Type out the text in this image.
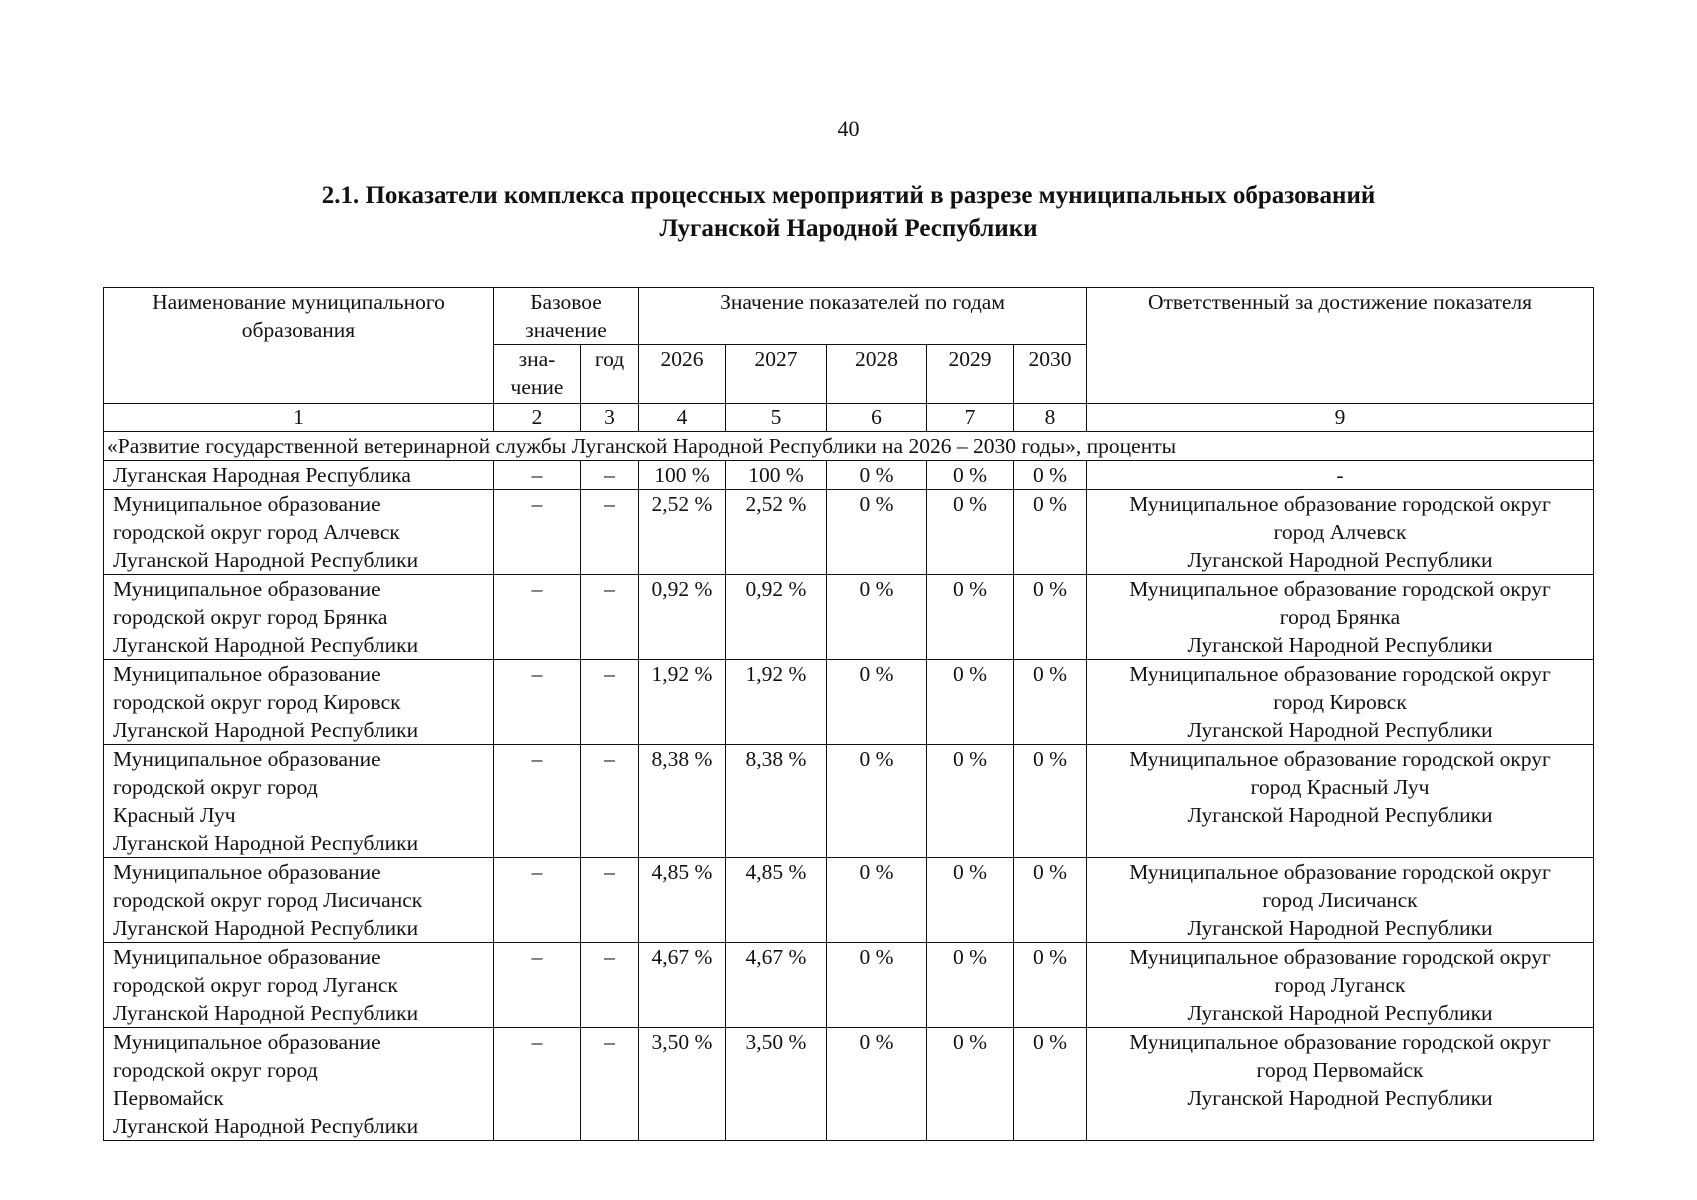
40
2.1. Показатели комплекса процессных мероприятий в разрезе муниципальных образований
Луганской Народной Республики
Наименование муниципального образования	Базовое значение		Значение показателей по годам					Ответственный за достижение показателя
	зна-чение	год	2026	2027	2028	2029	2030	
1	2	3	4	5	6	7	8	9
«Развитие государственной ветеринарной службы Луганской Народной Республики на 2026 – 2030 годы», проценты								

Луганская Народная Республика	–	–	100 %	100 %	0 %	0 %	0 %	-

Муниципальное образование
городской округ город Алчевск
Луганской Народной Республики	–	–	2,52 %	2,52 %	0 %	0 %	0 %	Муниципальное образование городской округ
город Алчевск
Луганской Народной Республики

Муниципальное образование
городской округ город Брянка
Луганской Народной Республики	–	–	0,92 %	0,92 %	0 %	0 %	0 %	Муниципальное образование городской округ
город Брянка
Луганской Народной Республики

Муниципальное образование
городской округ город Кировск
Луганской Народной Республики	–	–	1,92 %	1,92 %	0 %	0 %	0 %	Муниципальное образование городской округ
город Кировск
Луганской Народной Республики

Муниципальное образование
городской округ город
Красный Луч
Луганской Народной Республики	–	–	8,38 %	8,38 %	0 %	0 %	0 %	Муниципальное образование городской округ
город Красный Луч
Луганской Народной Республики

Муниципальное образование
городской округ город Лисичанск
Луганской Народной Республики	–	–	4,85 %	4,85 %	0 %	0 %	0 %	Муниципальное образование городской округ
город Лисичанск
Луганской Народной Республики

Муниципальное образование
городской округ город Луганск
Луганской Народной Республики	–	–	4,67 %	4,67 %	0 %	0 %	0 %	Муниципальное образование городской округ
город Луганск
Луганской Народной Республики

Муниципальное образование
городской округ город
Первомайск
Луганской Народной Республики	–	–	3,50 %	3,50 %	0 %	0 %	0 %	Муниципальное образование городской округ
город Первомайск
Луганской Народной Республики
